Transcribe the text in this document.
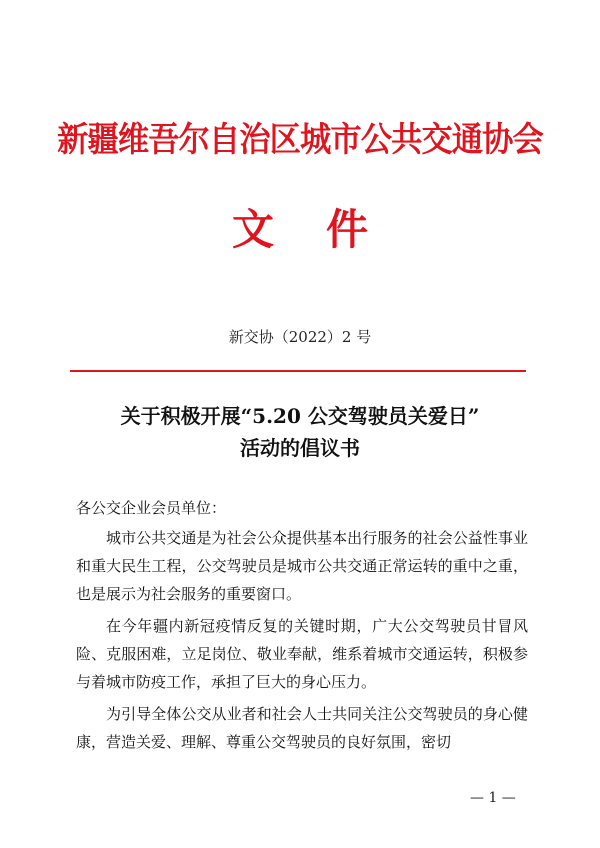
新疆维吾尔自治区城市公共交通协会
文件
新交协（2022）2 号
关于积极开展“5.20 公交驾驶员关爱日”
活动的倡议书
各公交企业会员单位：

城市公共交通是为社会公众提供基本出行服务的社会公益性事业和重大民生工程，公交驾驶员是城市公共交通正常运转的重中之重，也是展示为社会服务的重要窗口。

在今年疆内新冠疫情反复的关键时期，广大公交驾驶员甘冒风险、克服困难，立足岗位、敬业奉献，维系着城市交通运转，积极参与着城市防疫工作，承担了巨大的身心压力。

为引导全体公交从业者和社会人士共同关注公交驾驶员的身心健康，营造关爱、理解、尊重公交驾驶员的良好氛围，密切

— 1 —
